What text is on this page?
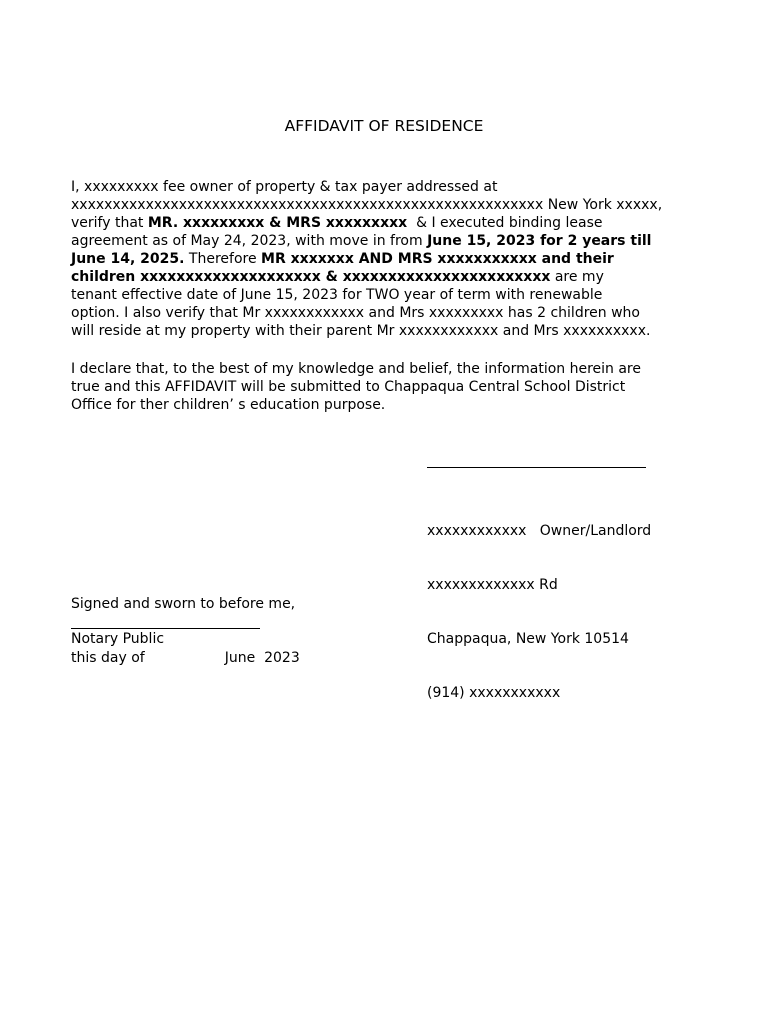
AFFIDAVIT OF RESIDENCE
I, xxxxxxxxx fee owner of property & tax payer addressed at
xxxxxxxxxxxxxxxxxxxxxxxxxxxxxxxxxxxxxxxxxxxxxxxxxxxxxxxxx New York xxxxx,
verify that MR. xxxxxxxxx & MRS xxxxxxxxx  & I executed binding lease
agreement as of May 24, 2023, with move in from June 15, 2023 for 2 years till
June 14, 2025. Therefore MR xxxxxxx AND MRS xxxxxxxxxxx and their
children xxxxxxxxxxxxxxxxxxxx & xxxxxxxxxxxxxxxxxxxxxxx are my
tenant effective date of June 15, 2023 for TWO year of term with renewable
option. I also verify that Mr xxxxxxxxxxxx and Mrs xxxxxxxxx has 2 children who
will reside at my property with their parent Mr xxxxxxxxxxxx and Mrs xxxxxxxxxx.
I declare that, to the best of my knowledge and belief, the information herein are
true and this AFFIDAVIT will be submitted to Chappaqua Central School District
Office for ther children’ s education purpose.

xxxxxxxxxxxx   Owner/Landlord

xxxxxxxxxxxxx Rd

Chappaqua, New York 10514

(914) xxxxxxxxxxx

Signed and sworn to before me,

this day of	June  2023

Notary Public
